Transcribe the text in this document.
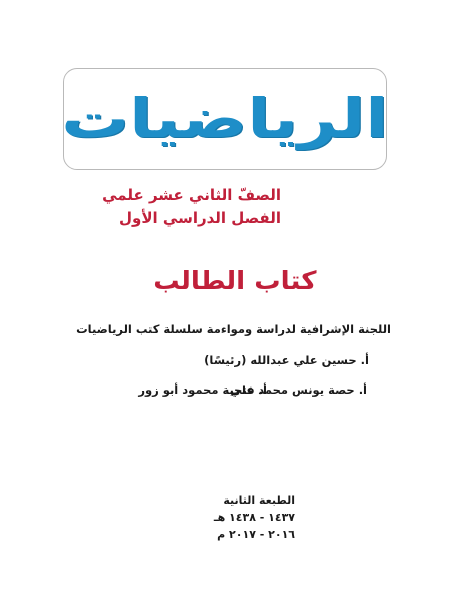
الرياضيات
الصفّ الثاني عشر علمي
الفصل الدراسي الأول
كتاب الطالب
اللجنة الإشرافية لدراسة ومواءمة سلسلة كتب الرياضيات
أ. حسين علي عبدالله (رئيسًا)
أ. حصة يونس محمد علي
أ. فتحية محمود أبو زور
الطبعة الثانية
١٤٣٧ - ١٤٣٨ هـ
٢٠١٦ - ٢٠١٧ م
